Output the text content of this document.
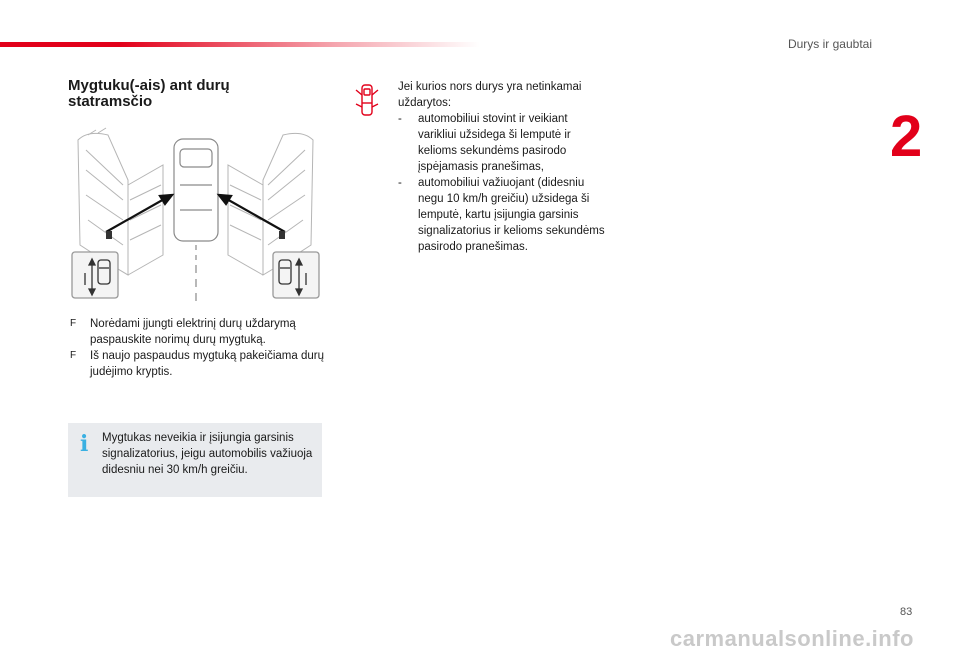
Durys ir gaubtai
2
Mygtuku(-ais) ant durų
statramsčio
F Norėdami įjungti elektrinį durų uždarymą paspauskite norimų durų mygtuką.
F Iš naujo paspaudus mygtuką pakeičiama durų judėjimo kryptis.
i Mygtukas neveikia ir įsijungia garsinis signalizatorius, jeigu automobilis važiuoja didesniu nei 30 km/h greičiu.
Jei kurios nors durys yra netinkamai uždarytos:
- automobiliui stovint ir veikiant varikliui užsidega ši lemputė ir kelioms sekundėms pasirodo įspėjamasis pranešimas,
- automobiliui važiuojant (didesniu negu 10 km/h greičiu) užsidega ši lemputė, kartu įsijungia garsinis signalizatorius ir kelioms sekundėms pasirodo pranešimas.
83
carmanualsonline.info
